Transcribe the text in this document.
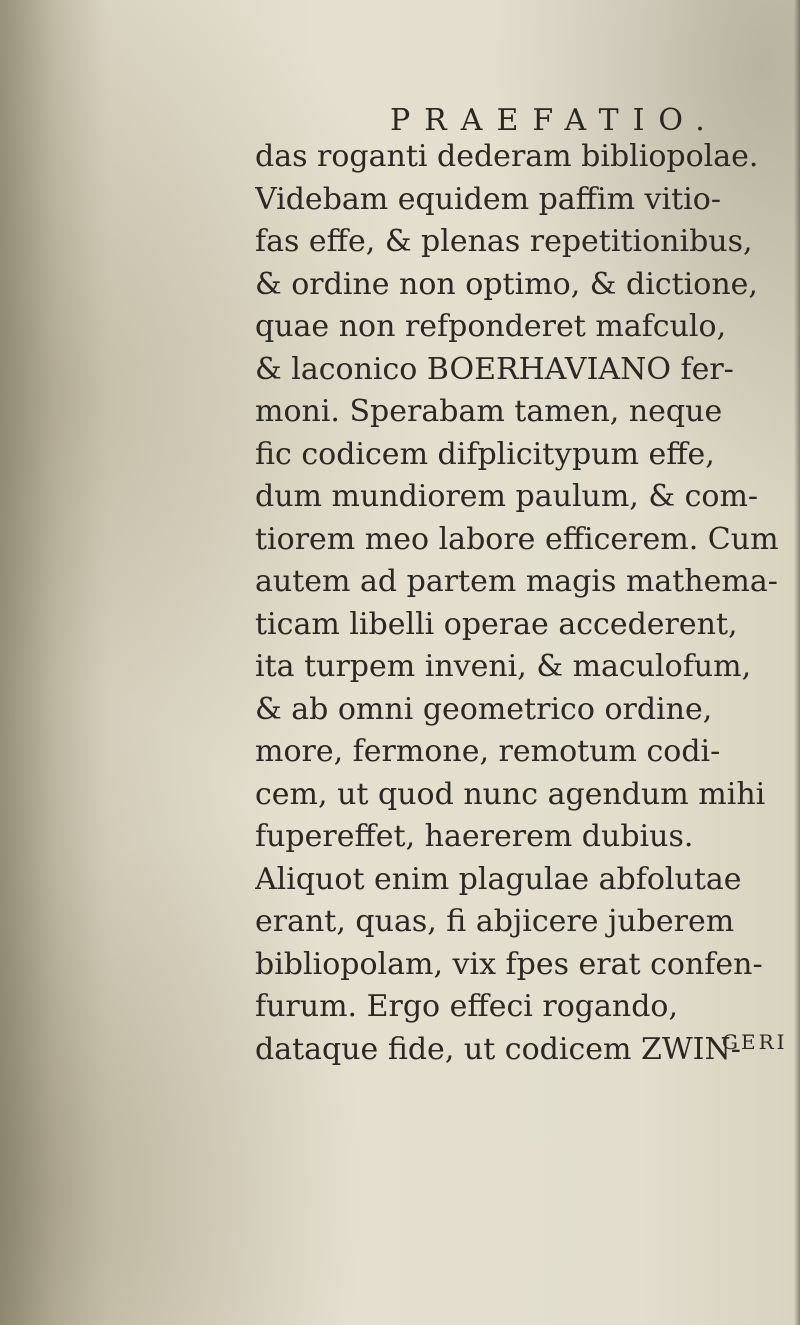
PRAEFATIO.
das roganti dederam bibliopolae.
Videbam equidem paffim vitio-
fas effe, & plenas repetitionibus,
& ordine non optimo, & dictione,
quae non refponderet mafculo,
& laconico BOERHAVIANO fer-
moni. Sperabam tamen, neque
fic codicem difplicitурum effe,
dum mundiorem paulum, & com-
tiorem meo labore efficerem. Cum
autem ad partem magis mathema-
ticam libelli operae accederent,
ita turpem inveni, & maculofum,
& ab omni geometrico ordine,
more, fermone, remotum codi-
cem, ut quod nunc agendum mihi
fupereffet, haererem dubius.
Aliquot enim plagulae abfolutae
erant, quas, fi abjicere juberem
bibliopolam, vix fpes erat confen-
furum. Ergo effeci rogando,
dataque fide, ut codicem ZWIN-
GERI
